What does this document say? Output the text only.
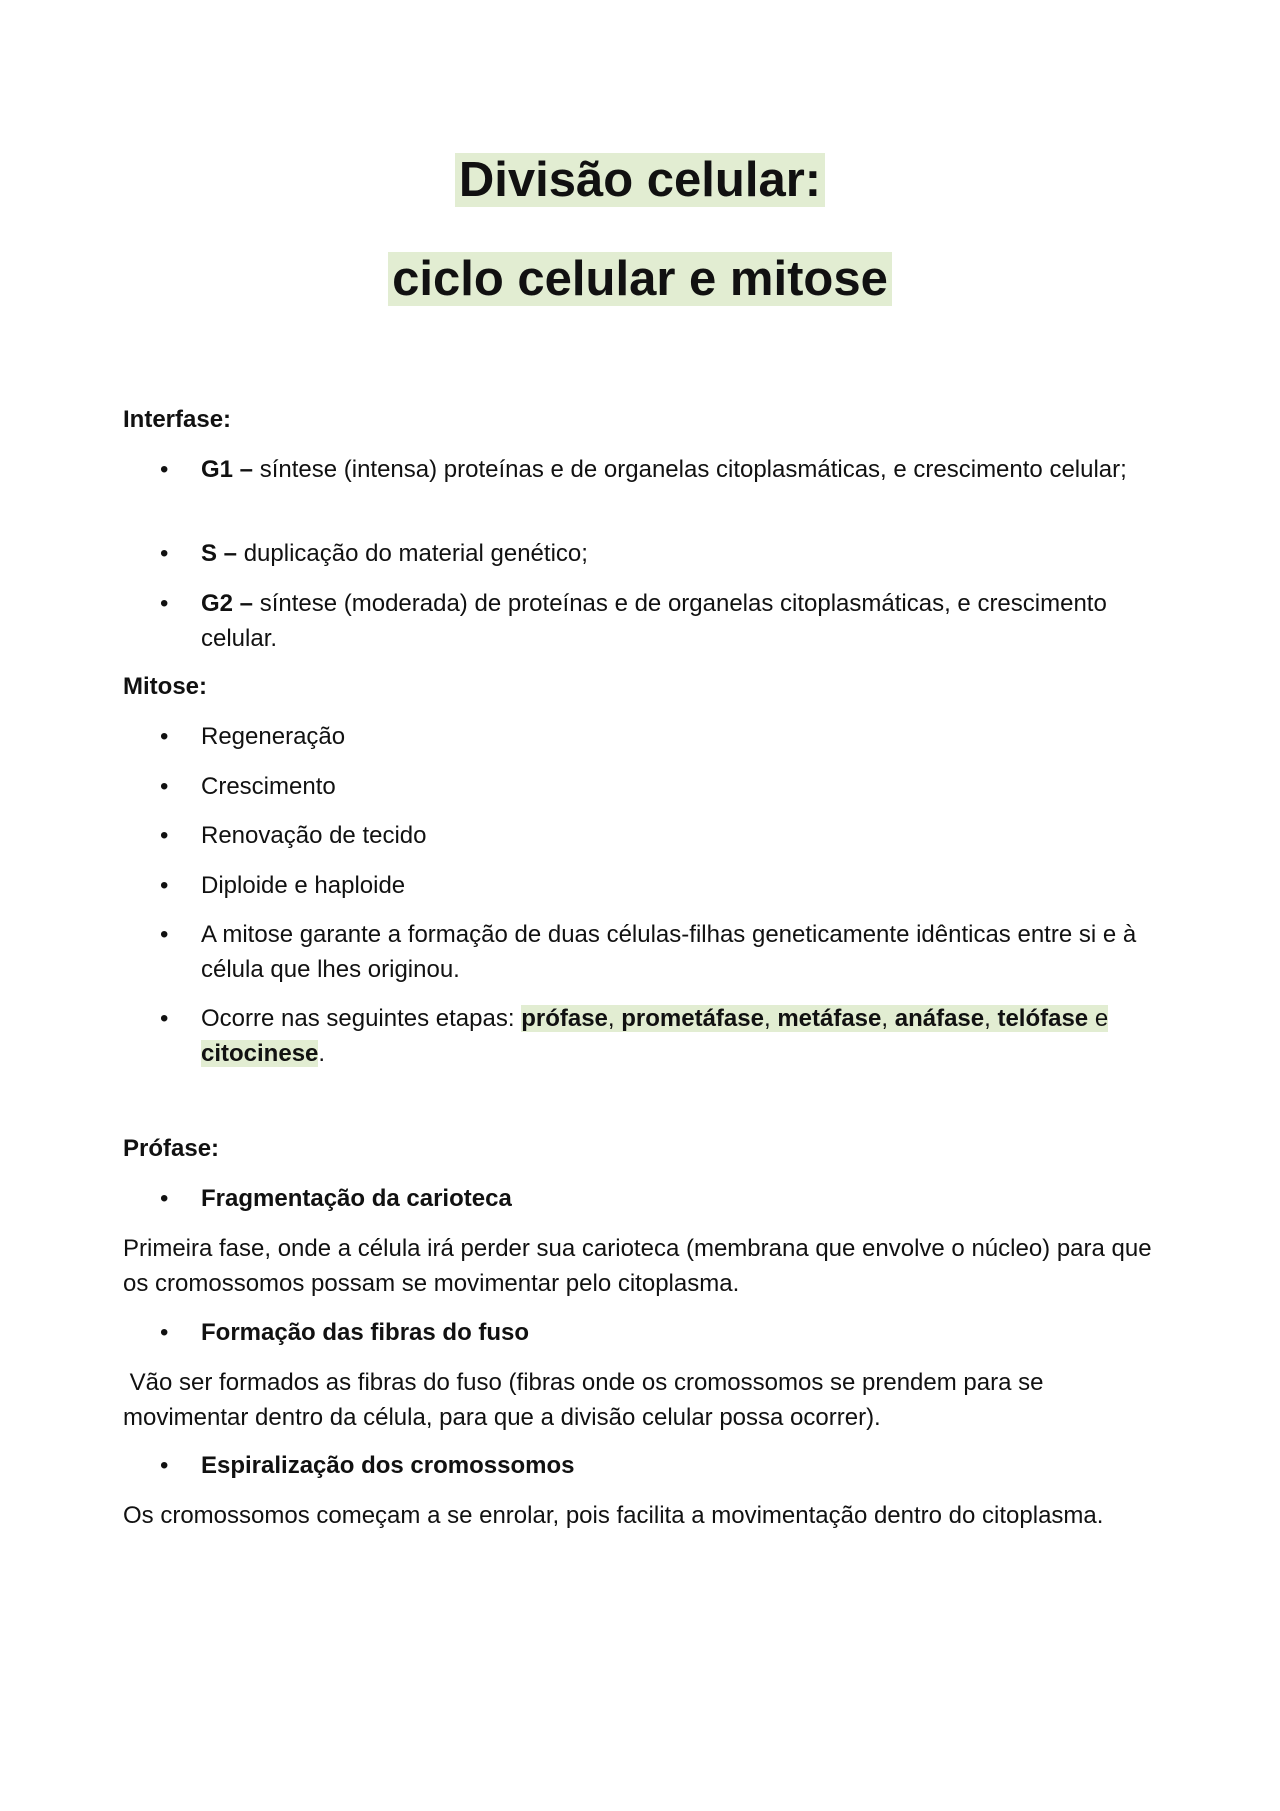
Divisão celular:
ciclo celular e mitose

Interfase:

•	G1 – síntese (intensa) proteínas e de organelas citoplasmáticas, e crescimento celular;
•	S – duplicação do material genético;
•	G2 – síntese (moderada) de proteínas e de organelas citoplasmáticas, e crescimento celular.

Mitose:

•	Regeneração
•	Crescimento
•	Renovação de tecido
•	Diploide e haploide
•	A mitose garante a formação de duas células-filhas geneticamente idênticas entre si e à célula que lhes originou.
•	Ocorre nas seguintes etapas: prófase, prometáfase, metáfase, anáfase, telófase e citocinese.

Prófase:

•	Fragmentação da carioteca

Primeira fase, onde a célula irá perder sua carioteca (membrana que envolve o núcleo) para que os cromossomos possam se movimentar pelo citoplasma.

•	Formação das fibras do fuso

Vão ser formados as fibras do fuso (fibras onde os cromossomos se prendem para se movimentar dentro da célula, para que a divisão celular possa ocorrer).

•	Espiralização dos cromossomos

Os cromossomos começam a se enrolar, pois facilita a movimentação dentro do citoplasma.
